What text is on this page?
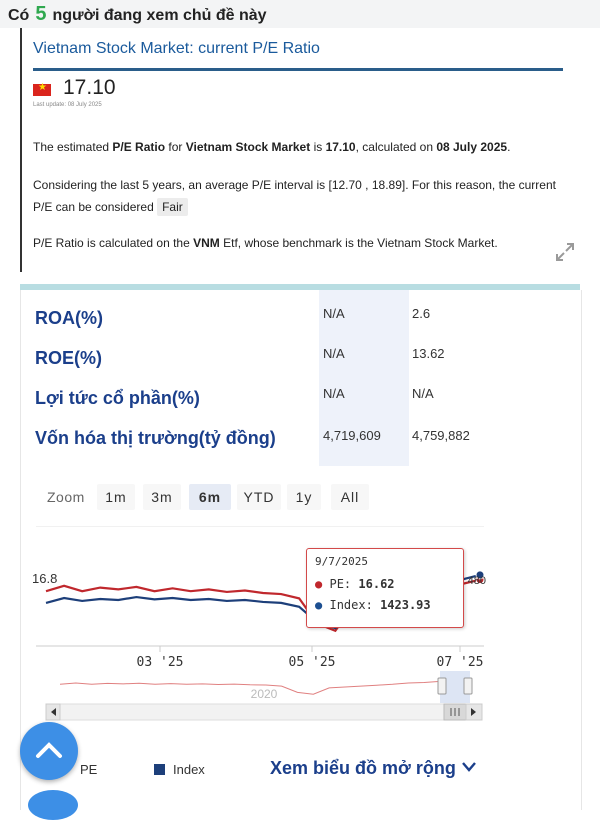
Có 5 người đang xem chủ đề này
Vietnam Stock Market: current P/E Ratio
★ 17.10
Last update: 08 July 2025
The estimated P/E Ratio for Vietnam Stock Market is 17.10, calculated on 08 July 2025.
Considering the last 5 years, an average P/E interval is [12.70 , 18.89]. For this reason, the current P/E can be considered Fair
P/E Ratio is calculated on the VNM Etf, whose benchmark is the Vietnam Stock Market.
ROA(%)	N/A	2.6
ROE(%)	N/A	13.62
Lợi tức cổ phần(%)	N/A	N/A
Vốn hóa thị trường(tỷ đồng)	4,719,609 4,759,882
Zoom	1m	3m	6m	YTD	1y	All
16.8
03 '25	05 '25	07 '25
480
2020
9/7/2025
● PE: 16.62
● Index: 1423.93
PE	Index	Xem biểu đồ mở rộng
